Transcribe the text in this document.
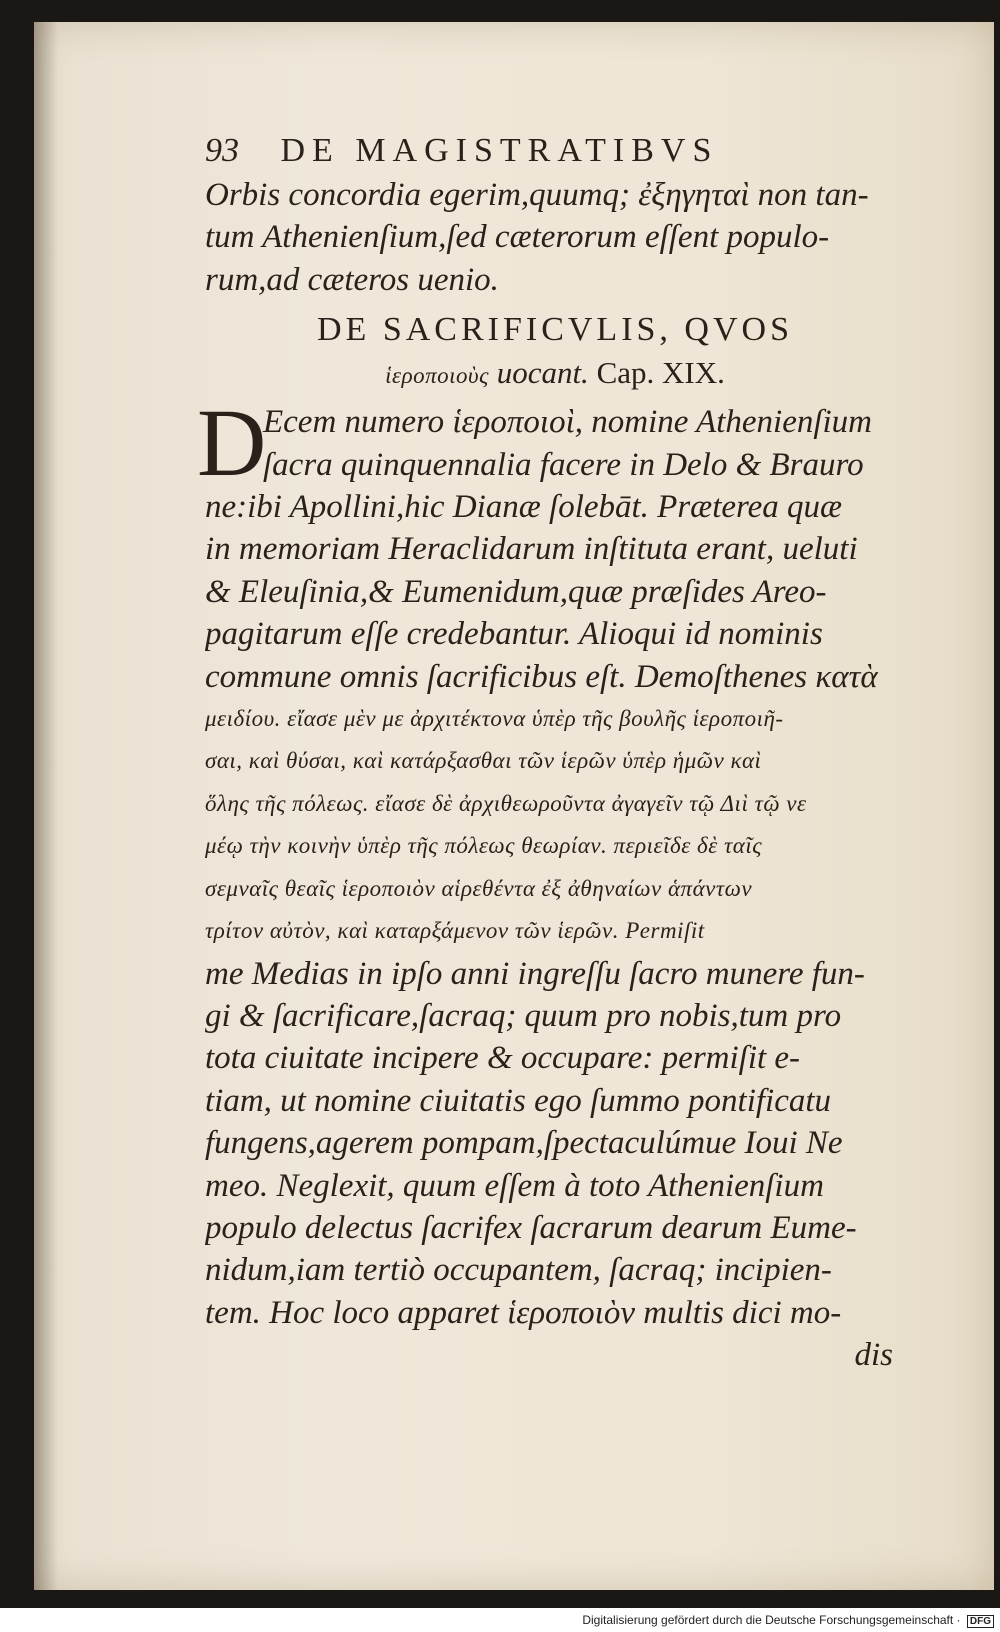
93 DE MAGISTRATIBVS
Orbis concordia egerim,quumq; ἐξηγηταὶ non tan-
tum Athenienſium,ſed cæterorum eſſent populo-
rum,ad cæteros uenio.
DE SACRIFICVLIS, QVOS
ἱεροποιοὺς uocant. Cap. XIX.
D
Ecem numero ἱεροποιοὶ, nomine Athenienſium
ſacra quinquennalia facere in Delo & Brauro
ne:ibi Apollini,hic Dianæ ſolebāt. Præterea quæ
in memoriam Heraclidarum inſtituta erant, ueluti
& Eleuſinia,& Eumenidum,quæ præſides Areo-
pagitarum eſſe credebantur. Alioqui id nominis
commune omnis ſacrificibus eſt. Demoſthenes κατὰ
μειδίου. εἴασε μὲν με ἀρχιτέκτονα ὑπὲρ τῆς βουλῆς ἱεροποιῆ-
σαι, καὶ θύσαι, καὶ κατάρξασθαι τῶν ἱερῶν ὑπὲρ ἡμῶν καὶ
ὅλης τῆς πόλεως. εἴασε δὲ ἀρχιθεωροῦντα ἀγαγεῖν τῷ Διὶ τῷ νε
μέῳ τὴν κοινὴν ὑπὲρ τῆς πόλεως θεωρίαν. περιεῖδε δὲ ταῖς
σεμναῖς θεαῖς ἱεροποιὸν αἱρεθέντα ἐξ ἀθηναίων ἁπάντων
τρίτον αὐτὸν, καὶ καταρξάμενον τῶν ἱερῶν. Permiſit
me Medias in ipſo anni ingreſſu ſacro munere fun-
gi & ſacrificare,ſacraq; quum pro nobis,tum pro
tota ciuitate incipere & occupare: permiſit e-
tiam, ut nomine ciuitatis ego ſummo pontificatu
fungens,agerem pompam,ſpectaculúmue Ioui Ne
meo. Neglexit, quum eſſem à toto Athenienſium
populo delectus ſacrifex ſacrarum dearum Eume-
nidum,iam tertiò occupantem, ſacraq; incipien-
tem. Hoc loco apparet ἱεροποιὸν multis dici mo-
dis
Digitalisierung gefördert durch die Deutsche Forschungsgemeinschaft · DFG
